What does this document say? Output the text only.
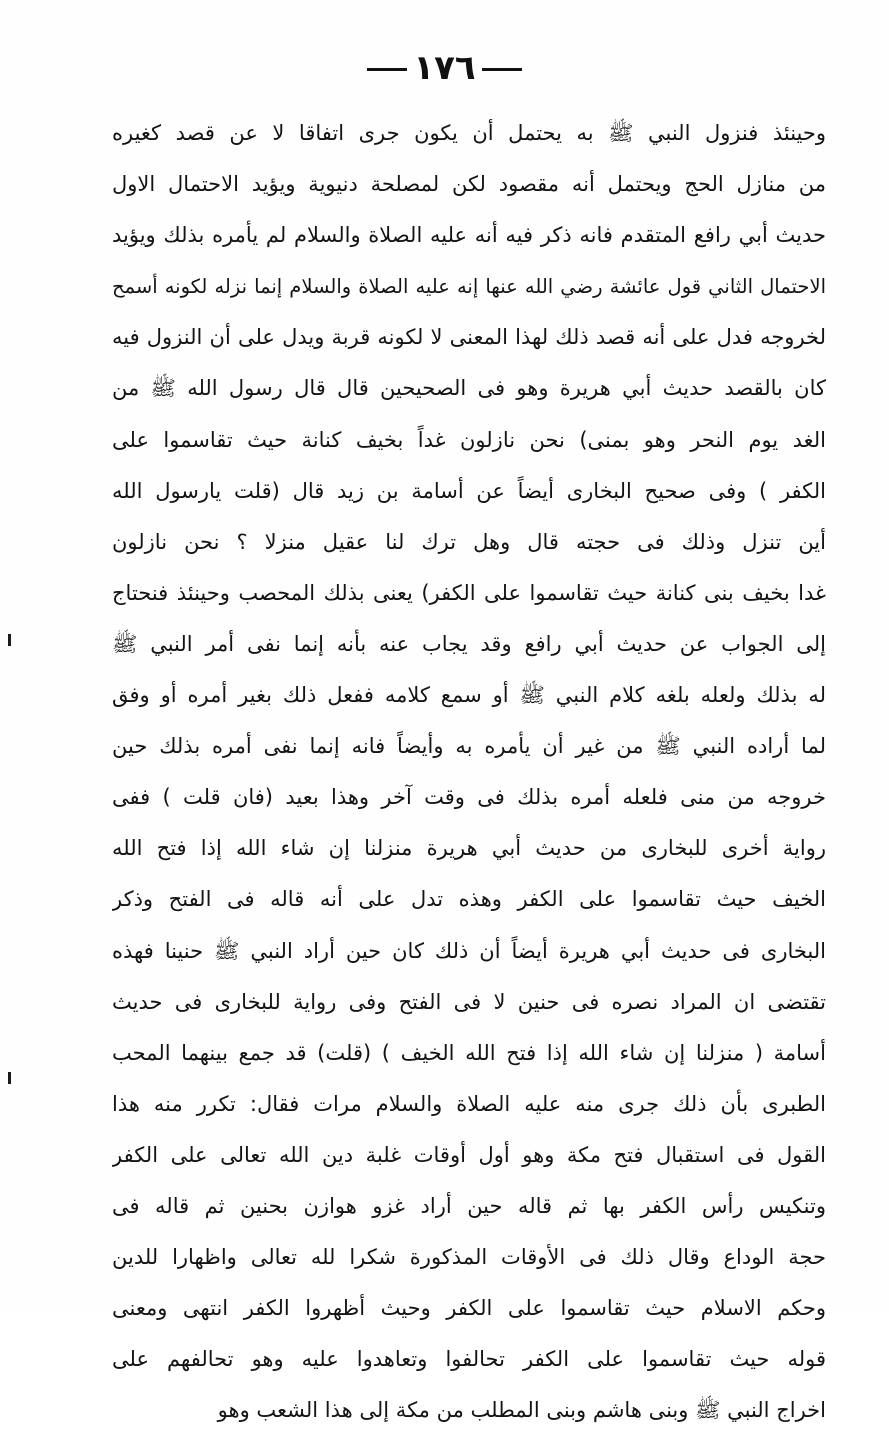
١٧٦
وحينئذ فنزول النبي ﷺ به يحتمل أن يكون جرى اتفاقا لا عن قصد كغيره
من منازل الحج ويحتمل أنه مقصود لكن لمصلحة دنيوية ويؤيد الاحتمال الاول
حديث أبي رافع المتقدم فانه ذكر فيه أنه عليه الصلاة والسلام لم يأمره بذلك ويؤيد
الاحتمال الثاني قول عائشة رضي الله عنها إنه عليه الصلاة والسلام إنما نزله لكونه أسمح
لخروجه فدل على أنه قصد ذلك لهذا المعنى لا لكونه قربة ويدل على أن النزول فيه
كان بالقصد حديث أبي هريرة وهو فى الصحيحين قال قال رسول الله ﷺ من
الغد يوم النحر وهو بمنى) نحن نازلون غداً بخيف كنانة حيث تقاسموا على
الكفر ) وفى صحيح البخارى أيضاً عن أسامة بن زيد قال (قلت يارسول الله
أين تنزل وذلك فى حجته قال وهل ترك لنا عقيل منزلا ؟ نحن نازلون
غدا بخيف بنى كنانة حيث تقاسموا على الكفر) يعنى بذلك المحصب وحينئذ فنحتاج
إلى الجواب عن حديث أبي رافع وقد يجاب عنه بأنه إنما نفى أمر النبي ﷺ
له بذلك ولعله بلغه كلام النبي ﷺ أو سمع كلامه ففعل ذلك بغير أمره أو وفق
لما أراده النبي ﷺ من غير أن يأمره به وأيضاً فانه إنما نفى أمره بذلك حين
خروجه من منى فلعله أمره بذلك فى وقت آخر وهذا بعيد (فان قلت ) ففى
رواية أخرى للبخارى من حديث أبي هريرة منزلنا إن شاء الله إذا فتح الله
الخيف حيث تقاسموا على الكفر وهذه تدل على أنه قاله فى الفتح وذكر
البخارى فى حديث أبي هريرة أيضاً أن ذلك كان حين أراد النبي ﷺ حنينا فهذه
تقتضى ان المراد نصره فى حنين لا فى الفتح وفى رواية للبخارى فى حديث
أسامة ( منزلنا إن شاء الله إذا فتح الله الخيف ) (قلت) قد جمع بينهما المحب
الطبرى بأن ذلك جرى منه عليه الصلاة والسلام مرات فقال: تكرر منه هذا
القول فى استقبال فتح مكة وهو أول أوقات غلبة دين الله تعالى على الكفر
وتنكيس رأس الكفر بها ثم قاله حين أراد غزو هوازن بحنين ثم قاله فى
حجة الوداع وقال ذلك فى الأوقات المذكورة شكرا لله تعالى واظهارا للدين
وحكم الاسلام حيث تقاسموا على الكفر وحيث أظهروا الكفر انتهى ومعنى
قوله حيث تقاسموا على الكفر تحالفوا وتعاهدوا عليه وهو تحالفهم على
اخراج النبي ﷺ وبنى هاشم وبنى المطلب من مكة إلى هذا الشعب وهو
